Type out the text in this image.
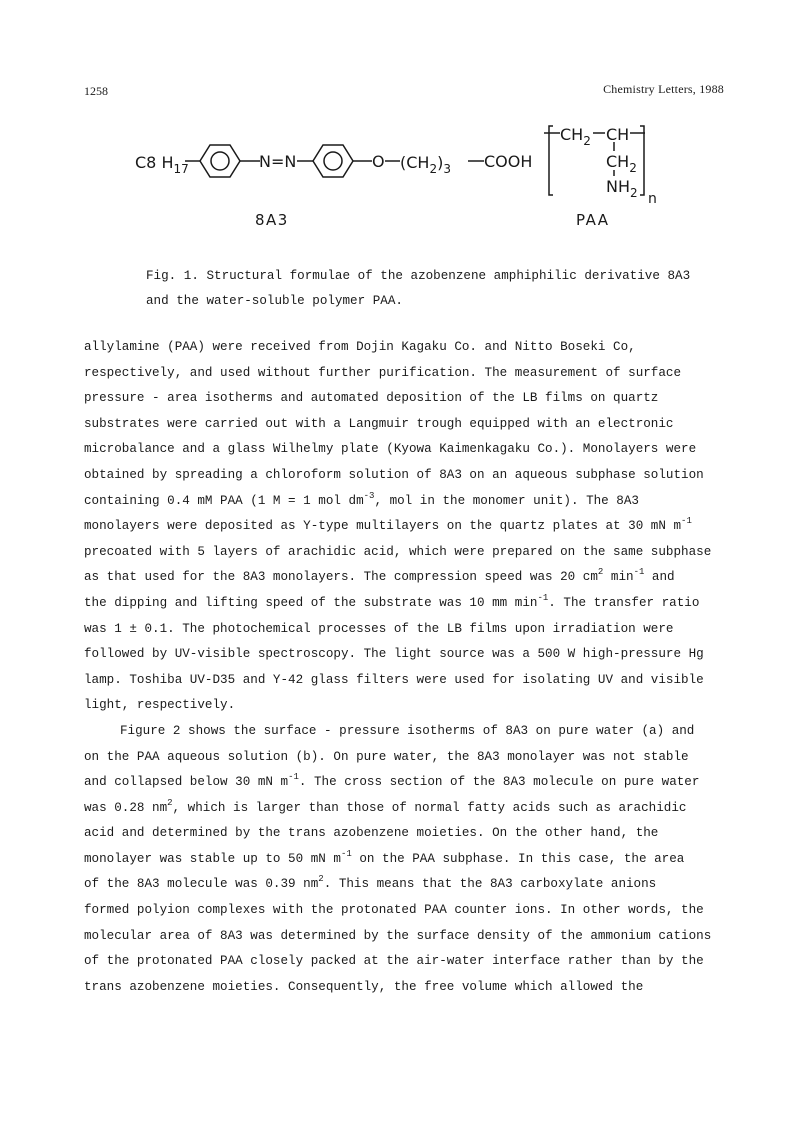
1258	Chemistry Letters, 1988
C8 $H_{17}$	N=N	O $(CH_2)_3$ COOH
8A3
$CH_2$ CH
$CH_2$
$NH_2$ n
PAA
Fig. 1. Structural formulae of the azobenzene amphiphilic derivative 8A3
and the water-soluble polymer PAA.

allylamine (PAA) were received from Dojin Kagaku Co. and Nitto Boseki Co,
respectively, and used without further purification. The measurement of surface
pressure - area isotherms and automated deposition of the LB films on quartz
substrates were carried out with a Langmuir trough equipped with an electronic
microbalance and a glass Wilhelmy plate (Kyowa Kaimenkagaku Co.). Monolayers were
obtained by spreading a chloroform solution of 8A3 on an aqueous subphase solution
containing 0.4 mM PAA (1 M = 1 mol $dm^{-3}$, mol in the monomer unit). The 8A3
monolayers were deposited as Y-type multilayers on the quartz plates at 30 mN $m^{-1}$
precoated with 5 layers of arachidic acid, which were prepared on the same subphase
as that used for the 8A3 monolayers. The compression speed was 20 $cm^2$ $\min^{-1}$ and
the dipping and lifting speed of the substrate was 10 mm $\min^{-1}$. The transfer ratio
was 1 ± 0.1. The photochemical processes of the LB films upon irradiation were
followed by UV-visible spectroscopy. The light source was a 500 W high-pressure Hg
lamp. Toshiba UV-D35 and Y-42 glass filters were used for isolating UV and visible
light, respectively.

Figure 2 shows the surface - pressure isotherms of 8A3 on pure water (a) and
on the PAA aqueous solution (b). On pure water, the 8A3 monolayer was not stable
and collapsed below 30 mN $m^{-1}$. The cross section of the 8A3 molecule on pure water
was 0.28 $nm^2$, which is larger than those of normal fatty acids such as arachidic
acid and determined by the trans azobenzene moieties. On the other hand, the
monolayer was stable up to 50 mN $m^{-1}$ on the PAA subphase. In this case, the area
of the 8A3 molecule was 0.39 $nm^2$. This means that the 8A3 carboxylate anions
formed polyion complexes with the protonated PAA counter ions. In other words, the
molecular area of 8A3 was determined by the surface density of the ammonium cations
of the protonated PAA closely packed at the air-water interface rather than by the
trans azobenzene moieties. Consequently, the free volume which allowed the
